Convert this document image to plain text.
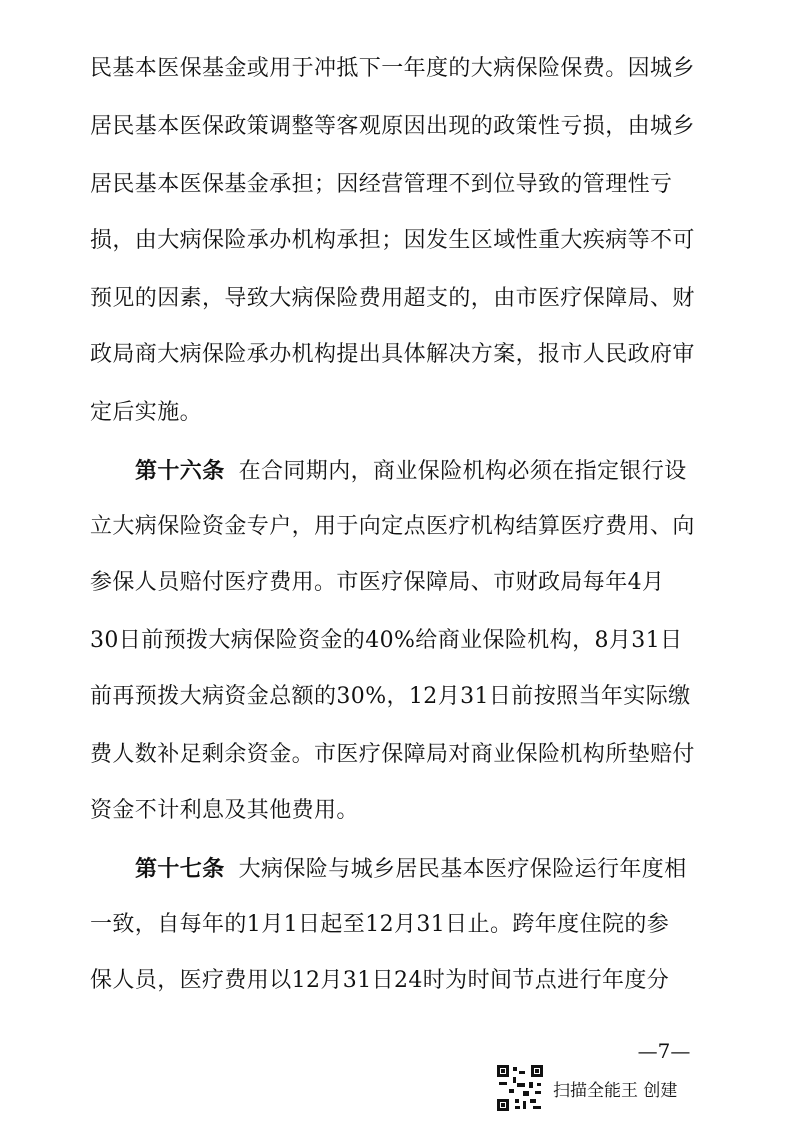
民基本医保基金或用于冲抵下一年度的大病保险保费。因城乡
居民基本医保政策调整等客观原因出现的政策性亏损，由城乡
居民基本医保基金承担；因经营管理不到位导致的管理性亏
损，由大病保险承办机构承担；因发生区域性重大疾病等不可
预见的因素，导致大病保险费用超支的，由市医疗保障局、财
政局商大病保险承办机构提出具体解决方案，报市人民政府审
定后实施。
第十六条 在合同期内，商业保险机构必须在指定银行设
立大病保险资金专户，用于向定点医疗机构结算医疗费用、向
参保人员赔付医疗费用。市医疗保障局、市财政局每年4月
30日前预拨大病保险资金的40%给商业保险机构，8月31日
前再预拨大病资金总额的30%，12月31日前按照当年实际缴
费人数补足剩余资金。市医疗保障局对商业保险机构所垫赔付
资金不计利息及其他费用。
第十七条 大病保险与城乡居民基本医疗保险运行年度相
一致，自每年的1月1日起至12月31日止。跨年度住院的参
保人员，医疗费用以12月31日24时为时间节点进行年度分
—7—
扫描全能王 创建
